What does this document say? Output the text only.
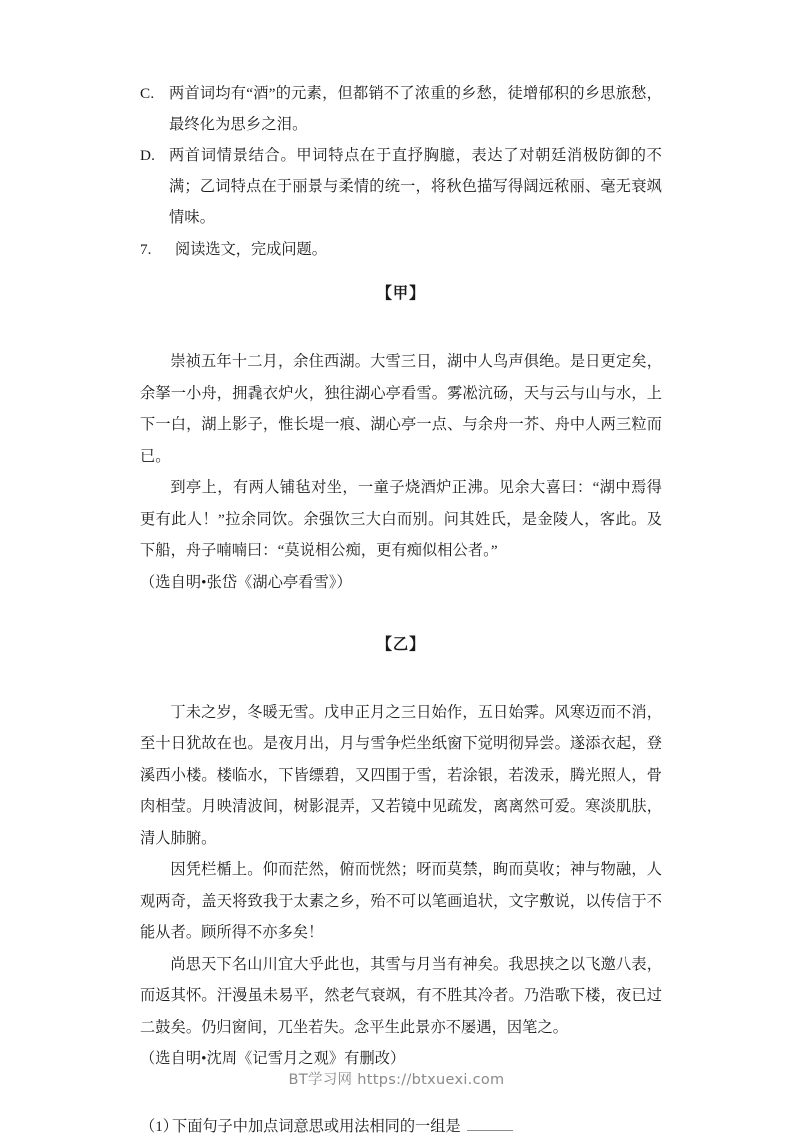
C. 两首词均有“酒”的元素，但都销不了浓重的乡愁，徒增郁积的乡思旅愁，最终化为思乡之泪。
D. 两首词情景结合。甲词特点在于直抒胸臆，表达了对朝廷消极防御的不满；乙词特点在于丽景与柔情的统一，将秋色描写得阔远秾丽、毫无衰飒情味。
7. 阅读选文，完成问题。
【甲】

崇祯五年十二月，余住西湖。大雪三日，湖中人鸟声俱绝。是日更定矣，余拏一小舟，拥毳衣炉火，独往湖心亭看雪。雾凇沆砀，天与云与山与水，上下一白，湖上影子，惟长堤一痕、湖心亭一点、与余舟一芥、舟中人两三粒而已。

到亭上，有两人铺毡对坐，一童子烧酒炉正沸。见余大喜曰：“湖中焉得更有此人！”拉余同饮。余强饮三大白而别。问其姓氏，是金陵人，客此。及下船，舟子喃喃曰：“莫说相公痴，更有痴似相公者。”

（选自明•张岱《湖心亭看雪》）

【乙】

丁未之岁，冬暖无雪。戊申正月之三日始作，五日始霁。风寒迈而不消，至十日犹故在也。是夜月出，月与雪争烂坐纸窗下觉明彻异尝。遂添衣起，登溪西小楼。楼临水，下皆缥碧，又四围于雪，若涂银，若泼汞，腾光照人，骨肉相莹。月映清波间，树影混弄，又若镜中见疏发，离离然可爱。寒淡肌肤，清人肺腑。

因凭栏楯上。仰而茫然，俯而恍然；呀而莫禁，眴而莫收；神与物融，人观两奇，盖天将致我于太素之乡，殆不可以笔画追状，文字敷说，以传信于不能从者。顾所得不亦多矣！

尚思天下名山川宜大乎此也，其雪与月当有神矣。我思挟之以飞邀八表，而返其怀。汗漫虽未易平，然老气衰飒，有不胜其冷者。乃浩歌下楼，夜已过二鼓矣。仍归窗间，兀坐若失。念平生此景亦不屡遇，因笔之。

（选自明•沈周《记雪月之观》有删改）

（1）
下面句子中加点词意思或用法相同的一组是
BT学习网 https://btxuexi.com
